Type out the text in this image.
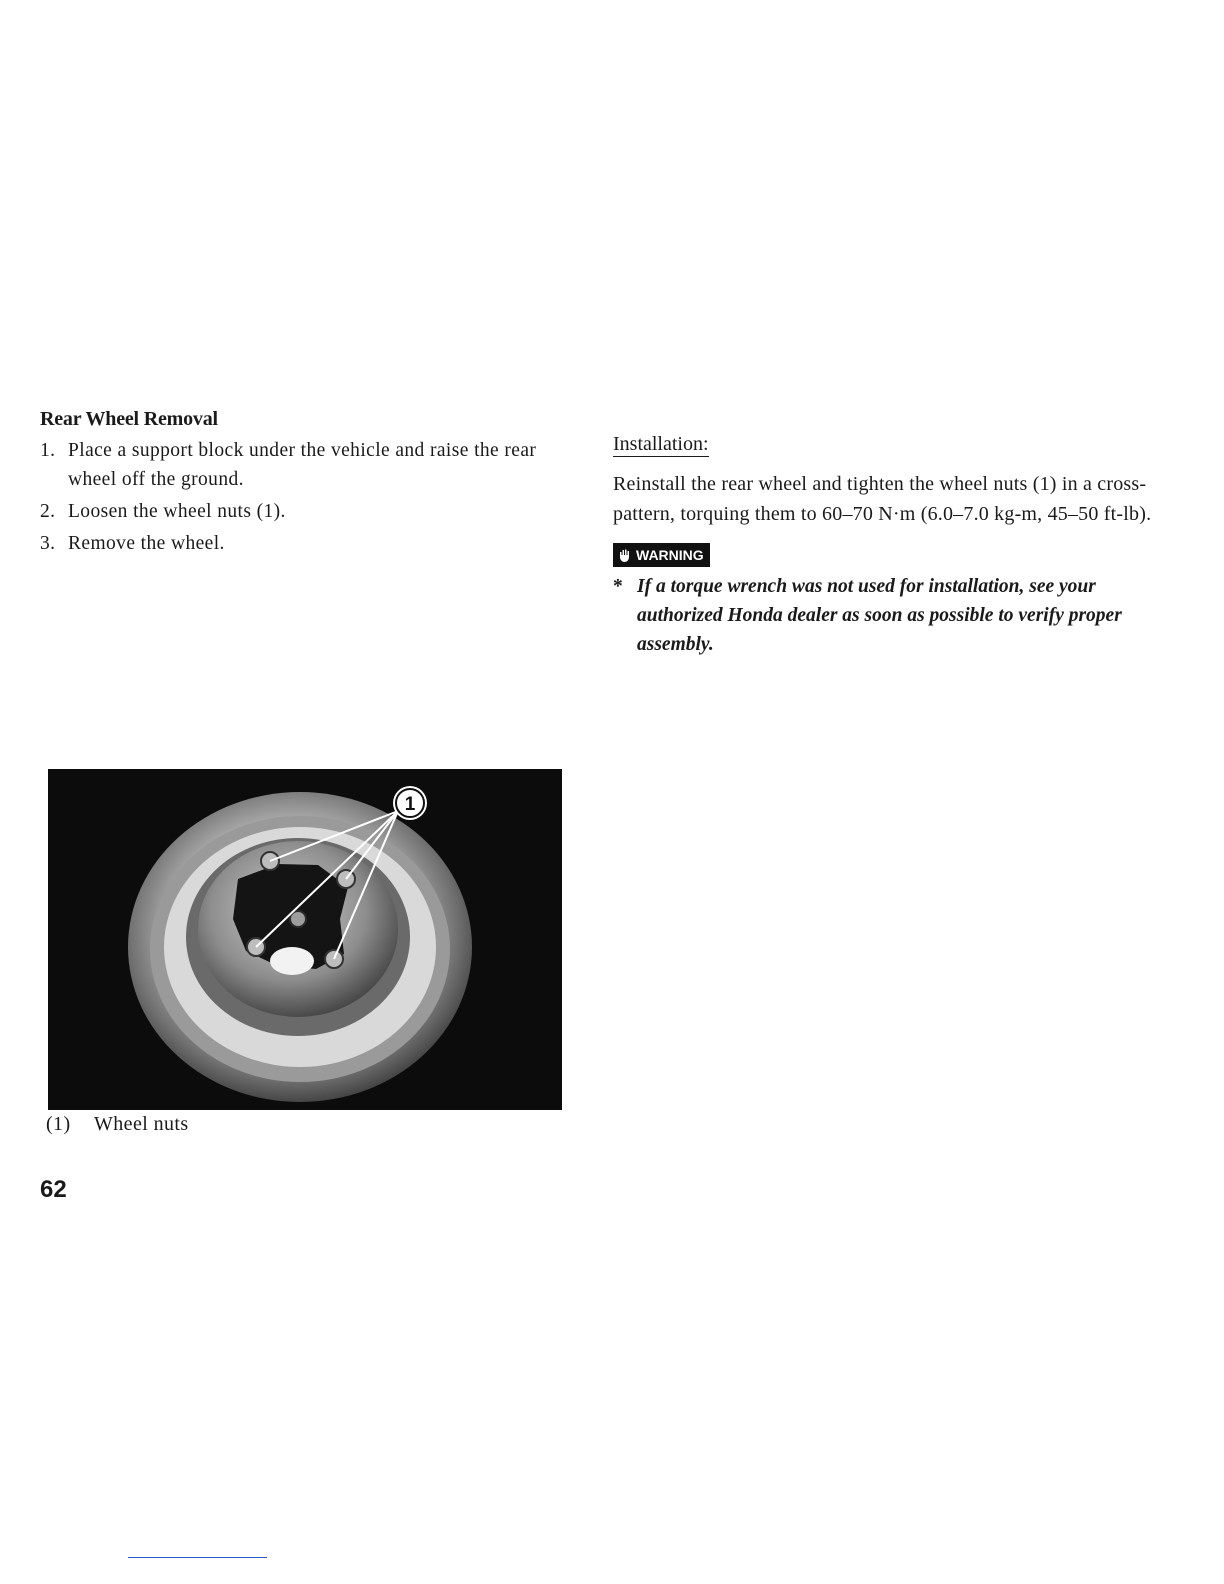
Rear Wheel Removal
1. Place a support block under the vehicle and raise the rear wheel off the ground.
2. Loosen the wheel nuts (1).
3. Remove the wheel.
Installation:

Reinstall the rear wheel and tighten the wheel nuts (1) in a cross-pattern, torquing them to 60–70 N·m (6.0–7.0 kg-m, 45–50 ft-lb).

WARNING
* If a torque wrench was not used for installation, see your authorized Honda dealer as soon as possible to verify proper assembly.
1
(1) Wheel nuts
62
